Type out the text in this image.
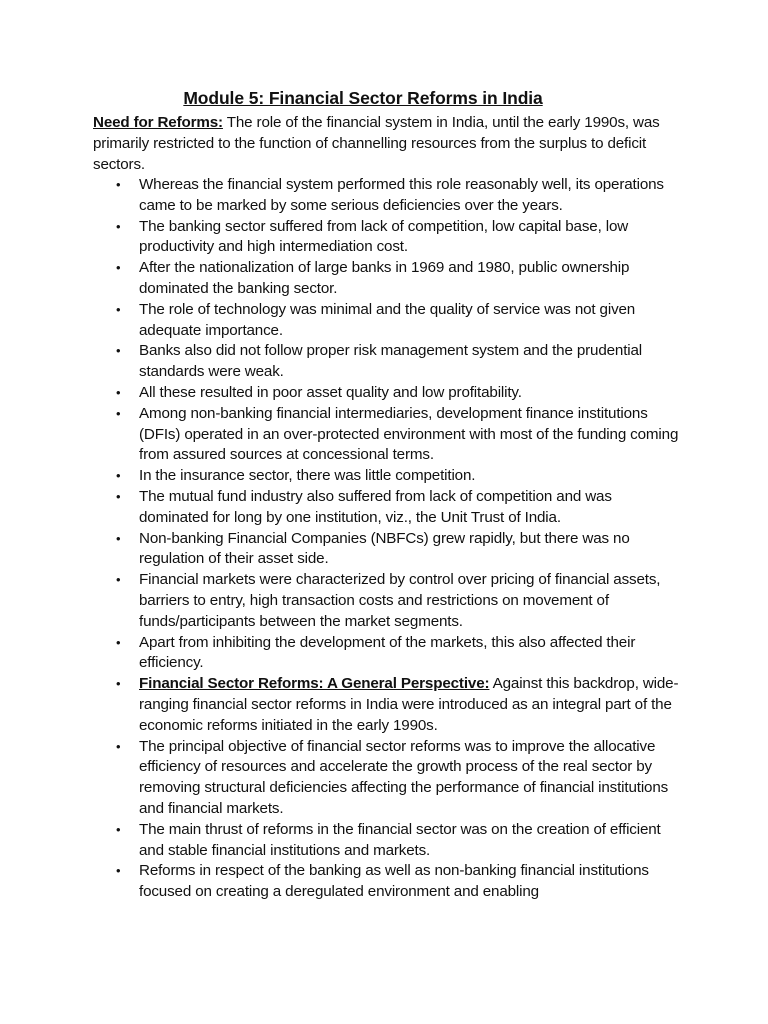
Module 5: Financial Sector Reforms in India
Need for Reforms: The role of the financial system in India, until the early 1990s, was primarily restricted to the function of channelling resources from the surplus to deficit sectors.
• Whereas the financial system performed this role reasonably well, its operations came to be marked by some serious deficiencies over the years.
• The banking sector suffered from lack of competition, low capital base, low productivity and high intermediation cost.
• After the nationalization of large banks in 1969 and 1980, public ownership dominated the banking sector.
• The role of technology was minimal and the quality of service was not given adequate importance.
• Banks also did not follow proper risk management system and the prudential standards were weak.
• All these resulted in poor asset quality and low profitability.
• Among non-banking financial intermediaries, development finance institutions (DFIs) operated in an over-protected environment with most of the funding coming from assured sources at concessional terms.
• In the insurance sector, there was little competition.
• The mutual fund industry also suffered from lack of competition and was dominated for long by one institution, viz., the Unit Trust of India.
• Non-banking Financial Companies (NBFCs) grew rapidly, but there was no regulation of their asset side.
• Financial markets were characterized by control over pricing of financial assets, barriers to entry, high transaction costs and restrictions on movement of funds/participants between the market segments.
• Apart from inhibiting the development of the markets, this also affected their efficiency.
• Financial Sector Reforms: A General Perspective: Against this backdrop, wide-ranging financial sector reforms in India were introduced as an integral part of the economic reforms initiated in the early 1990s.
• The principal objective of financial sector reforms was to improve the allocative efficiency of resources and accelerate the growth process of the real sector by removing structural deficiencies affecting the performance of financial institutions and financial markets.
• The main thrust of reforms in the financial sector was on the creation of efficient and stable financial institutions and markets.
• Reforms in respect of the banking as well as non-banking financial institutions focused on creating a deregulated environment and enabling
